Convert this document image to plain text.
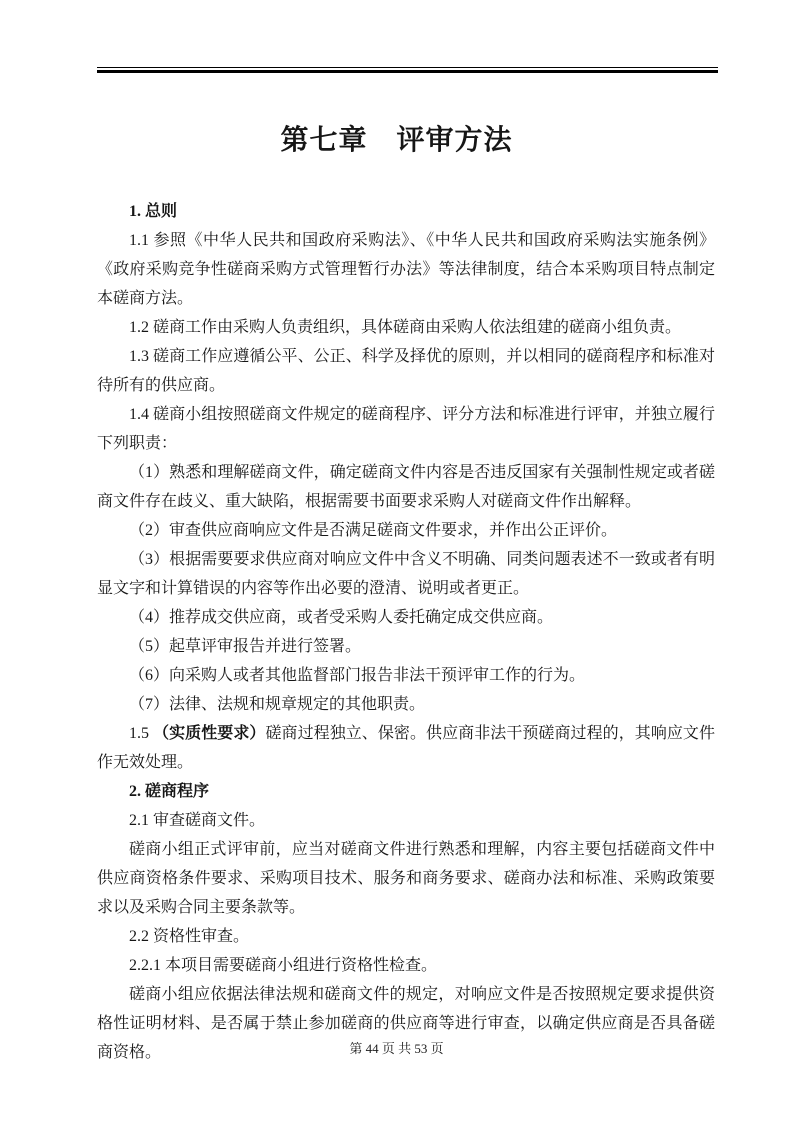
第七章　评审方法

1. 总则

1.1 参照《中华人民共和国政府采购法》、《中华人民共和国政府采购法实施条例》《政府采购竞争性磋商采购方式管理暂行办法》等法律制度，结合本采购项目特点制定本磋商方法。

1.2 磋商工作由采购人负责组织，具体磋商由采购人依法组建的磋商小组负责。

1.3 磋商工作应遵循公平、公正、科学及择优的原则，并以相同的磋商程序和标准对待所有的供应商。

1.4 磋商小组按照磋商文件规定的磋商程序、评分方法和标准进行评审，并独立履行下列职责：

（1）熟悉和理解磋商文件，确定磋商文件内容是否违反国家有关强制性规定或者磋商文件存在歧义、重大缺陷，根据需要书面要求采购人对磋商文件作出解释。

（2）审查供应商响应文件是否满足磋商文件要求，并作出公正评价。

（3）根据需要要求供应商对响应文件中含义不明确、同类问题表述不一致或者有明显文字和计算错误的内容等作出必要的澄清、说明或者更正。

（4）推荐成交供应商，或者受采购人委托确定成交供应商。

（5）起草评审报告并进行签署。

（6）向采购人或者其他监督部门报告非法干预评审工作的行为。

（7）法律、法规和规章规定的其他职责。

1.5 （实质性要求）磋商过程独立、保密。供应商非法干预磋商过程的，其响应文件作无效处理。

2. 磋商程序

2.1 审查磋商文件。

磋商小组正式评审前，应当对磋商文件进行熟悉和理解，内容主要包括磋商文件中供应商资格条件要求、采购项目技术、服务和商务要求、磋商办法和标准、采购政策要求以及采购合同主要条款等。

2.2 资格性审查。

2.2.1 本项目需要磋商小组进行资格性检查。

磋商小组应依据法律法规和磋商文件的规定，对响应文件是否按照规定要求提供资格性证明材料、是否属于禁止参加磋商的供应商等进行审查，以确定供应商是否具备磋商资格。	第 44 页 共 53 页
